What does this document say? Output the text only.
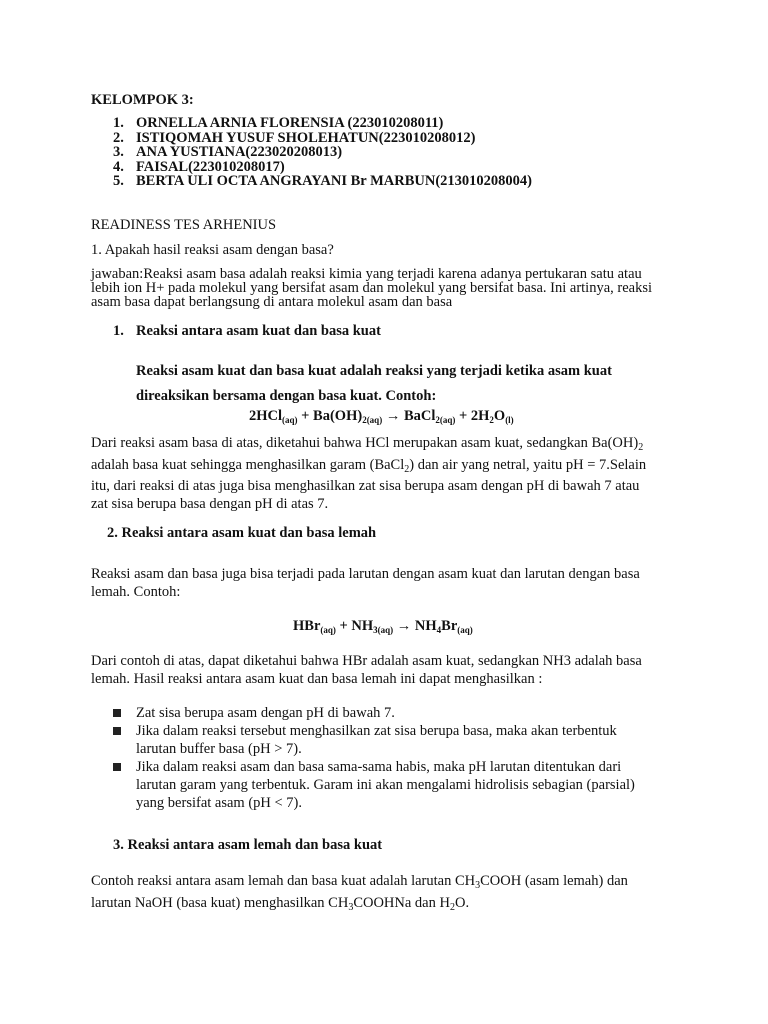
KELOMPOK 3:
1. ORNELLA ARNIA FLORENSIA (223010208011)
2. ISTIQOMAH YUSUF SHOLEHATUN(223010208012)
3. ANA YUSTIANA(223020208013)
4. FAISAL(223010208017)
5. BERTA ULI OCTA ANGRAYANI Br MARBUN(213010208004)
READINESS TES ARHENIUS
1. Apakah hasil reaksi asam dengan basa?
jawaban:Reaksi asam basa adalah reaksi kimia yang terjadi karena adanya pertukaran satu atau
lebih ion H+ pada molekul yang bersifat asam dan molekul yang bersifat basa. Ini artinya, reaksi
asam basa dapat berlangsung di antara molekul asam dan basa
1. Reaksi antara asam kuat dan basa kuat
Reaksi asam kuat dan basa kuat adalah reaksi yang terjadi ketika asam kuat
direaksikan bersama dengan basa kuat. Contoh:
$2HCl_{(aq)} + Ba(OH)_{2(aq)}$ → BaCl$_{2(aq)}$ + $2H_2O_{(l)}$
Dari reaksi asam basa di atas, diketahui bahwa HCl merupakan asam kuat, sedangkan $Ba(OH)_2$
adalah basa kuat sehingga menghasilkan garam (BaCl$_2$) dan air yang netral, yaitu pH = 7.Selain
itu, dari reaksi di atas juga bisa menghasilkan zat sisa berupa asam dengan pH di bawah 7 atau
zat sisa berupa basa dengan pH di atas 7.
2. Reaksi antara asam kuat dan basa lemah
Reaksi asam dan basa juga bisa terjadi pada larutan dengan asam kuat dan larutan dengan basa
lemah. Contoh:
$HBr_{(aq)} + NH_{3(aq)} \to NH_4Br_{(aq)}$
Dari contoh di atas, dapat diketahui bahwa HBr adalah asam kuat, sedangkan NH3 adalah basa
lemah. Hasil reaksi antara asam kuat dan basa lemah ini dapat menghasilkan :
Zat sisa berupa asam dengan pH di bawah 7.
Jika dalam reaksi tersebut menghasilkan zat sisa berupa basa, maka akan terbentuk
larutan buffer basa (pH > 7).
Jika dalam reaksi asam dan basa sama-sama habis, maka pH larutan ditentukan dari
larutan garam yang terbentuk. Garam ini akan mengalami hidrolisis sebagian (parsial)
yang bersifat asam (pH < 7).
3. Reaksi antara asam lemah dan basa kuat
Contoh reaksi antara asam lemah dan basa kuat adalah larutan $CH_3COOH$ (asam lemah) dan
larutan NaOH (basa kuat) menghasilkan $CH_3COOHNa$ dan $H_2O$.
